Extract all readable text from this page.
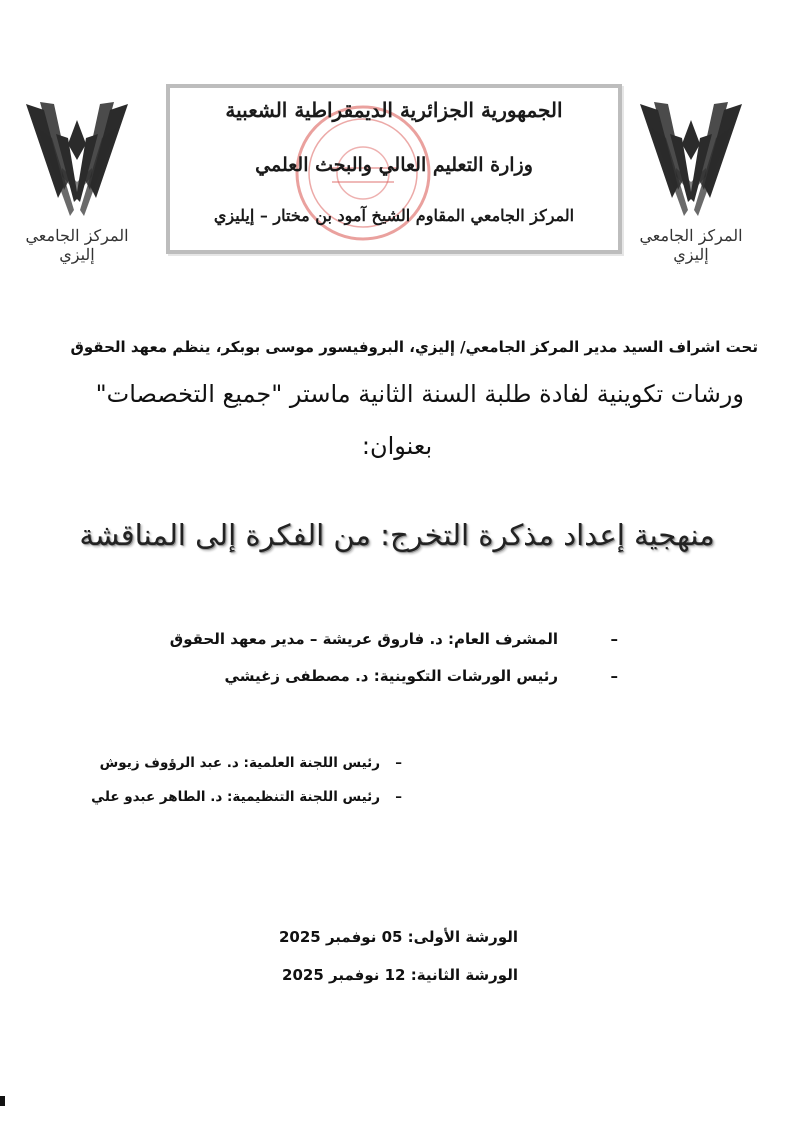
المركز الجامعي إليزي
الجمهورية الجزائرية الديمقراطية الشعبية
وزارة التعليم العالي والبحث العلمي
المركز الجامعي المقاوم الشيخ آمود بن مختار – إيليزي
المركز الجامعي إليزي
تحت اشراف السيد مدير المركز الجامعي/ إليزي، البروفيسور موسى بوبكر، ينظم معهد الحقوق
ورشات تكوينية لفادة طلبة السنة الثانية ماستر "جميع التخصصات"
بعنوان:
منهجية إعداد مذكرة التخرج: من الفكرة إلى المناقشة
–
المشرف العام: د. فاروق عريشة – مدير معهد الحقوق
–
رئيس الورشات التكوينية: د. مصطفى زغيشي
–
رئيس اللجنة العلمية: د. عبد الرؤوف زيوش
–
رئيس اللجنة التنظيمية: د. الطاهر عبدو علي
الورشة الأولى: 05 نوفمبر 2025
الورشة الثانية: 12 نوفمبر 2025
